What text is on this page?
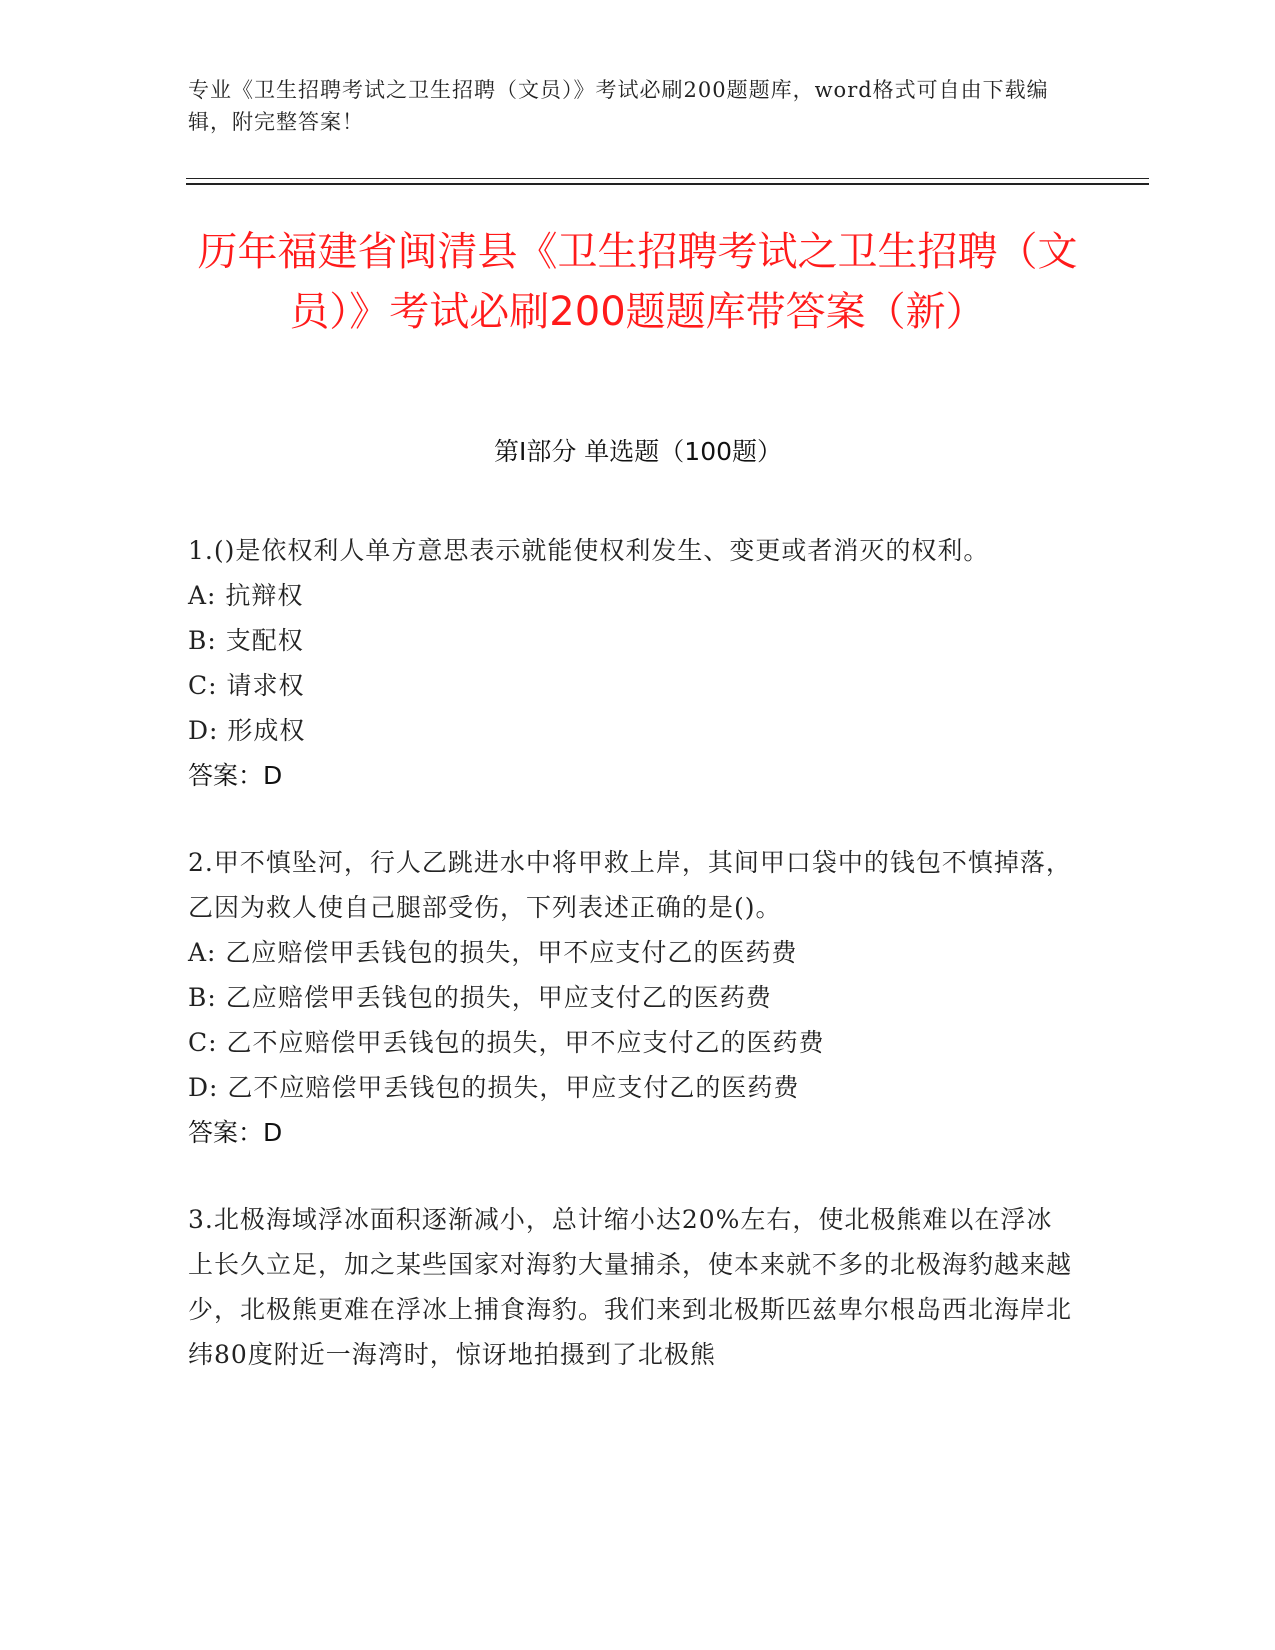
专业《卫生招聘考试之卫生招聘（文员）》考试必刷200题题库，word格式可自由下载编辑，附完整答案！
历年福建省闽清县《卫生招聘考试之卫生招聘（文员）》考试必刷200题题库带答案（新）
第Ⅰ部分 单选题（100题）

1.()是依权利人单方意思表示就能使权利发生、变更或者消灭的权利。

A: 抗辩权

B: 支配权

C: 请求权

D: 形成权

答案：D

2.甲不慎坠河，行人乙跳进水中将甲救上岸，其间甲口袋中的钱包不慎掉落，乙因为救人使自己腿部受伤，下列表述正确的是()。

A: 乙应赔偿甲丢钱包的损失，甲不应支付乙的医药费

B: 乙应赔偿甲丢钱包的损失，甲应支付乙的医药费

C: 乙不应赔偿甲丢钱包的损失，甲不应支付乙的医药费

D: 乙不应赔偿甲丢钱包的损失，甲应支付乙的医药费

答案：D

3.北极海域浮冰面积逐渐减小，总计缩小达20%左右，使北极熊难以在浮冰上长久立足，加之某些国家对海豹大量捕杀，使本来就不多的北极海豹越来越少，北极熊更难在浮冰上捕食海豹。我们来到北极斯匹兹卑尔根岛西北海岸北纬80度附近一海湾时，惊讶地拍摄到了北极熊
